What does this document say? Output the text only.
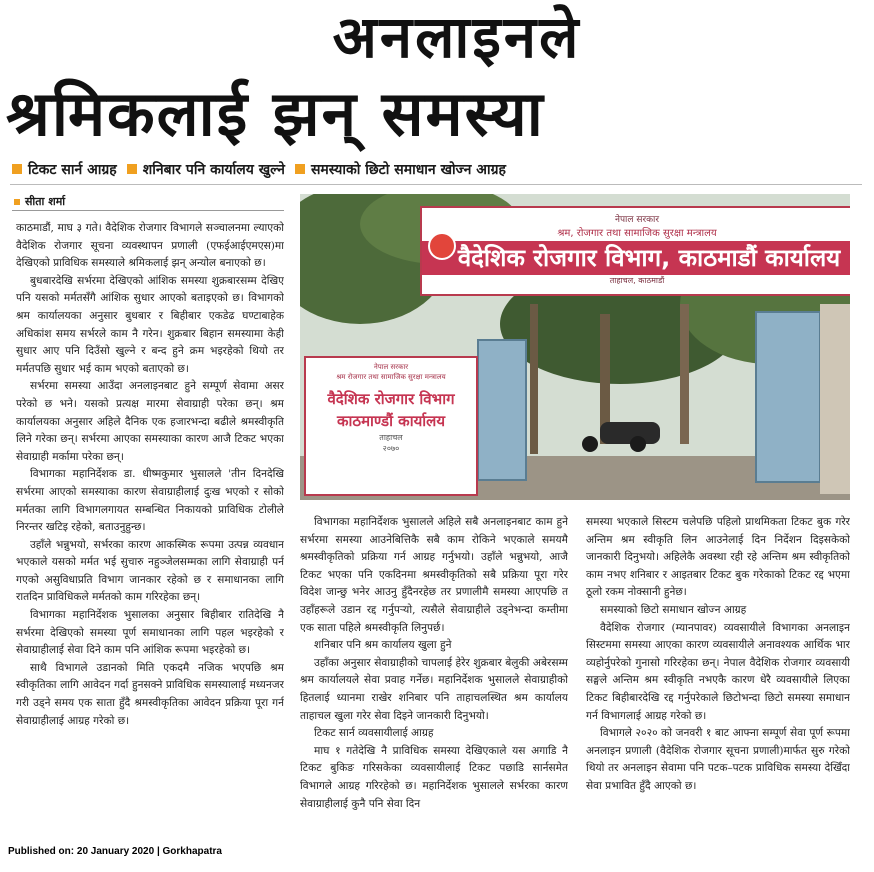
अनलाइनले
श्रमिकलाई झन् समस्या
टिकट सार्न आग्रह	शनिबार पनि कार्यालय खुल्ने	समस्याको छिटो समाधान खोज्न आग्रह
सीता शर्मा

काठमाडौं, माघ ३ गते। वैदेशिक रोजगार विभागले सञ्चालनमा ल्याएको वैदेशिक रोजगार सूचना व्यवस्थापन प्रणाली (एफईआईएमएस)मा देखिएको प्राविधिक समस्याले श्रमिकलाई झन् अन्योल बनाएको छ।

बुधबारदेखि सर्भरमा देखिएको आंशिक समस्या शुक्रबारसम्म देखिए पनि यसको मर्मतसँगै आंशिक सुधार आएको बताइएको छ। विभागको श्रम कार्यालयका अनुसार बुधबार र बिहीबार एकडेढ घण्टाबाहेक अधिकांश समय सर्भरले काम नै गरेन। शुक्रबार बिहान समस्यामा केही सुधार आए पनि दिउँसो खुल्ने र बन्द हुने क्रम भइरहेको थियो तर मर्मतपछि सुधार भई काम भएको बताएको छ।

सर्भरमा समस्या आउँदा अनलाइनबाट हुने सम्पूर्ण सेवामा असर परेको छ भने। यसको प्रत्यक्ष मारमा सेवाग्राही परेका छन्। श्रम कार्यालयका अनुसार अहिले दैनिक एक हजारभन्दा बढीले श्रमस्वीकृति लिने गरेका छन्। सर्भरमा आएका समस्याका कारण आजै टिकट भएका सेवाग्राही मर्कामा परेका छन्।

विभागका महानिर्देशक डा. धीष्मकुमार भुसालले 'तीन दिनदेखि सर्भरमा आएको समस्याका कारण सेवाग्राहीलाई दुःख भएको र सोको मर्मतका लागि विभागलगायत सम्बन्धित निकायको प्राविधिक टोलीले निरन्तर खटिइ रहेको, बताउनुहुन्छ।

उहाँले भन्नुभयो, सर्भरका कारण आकस्मिक रूपमा उत्पन्न व्यवधान भएकाले यसको मर्मत भई सुचारु नहुञ्जेलसम्मका लागि सेवाग्राही पर्न गएको असुविधाप्रति विभाग जानकार रहेको छ र समाधानका लागि रातदिन प्राविधिकले मर्मतको काम गरिरहेका छन्।

विभागका महानिर्देशक भुसालका अनुसार बिहीबार रातिदेखि नै सर्भरमा देखिएको समस्या पूर्ण समाधानका लागि पहल भइरहेको र सेवाग्राहीलाई सेवा दिने काम पनि आंशिक रूपमा भइरहेको छ।

साथै विभागले उडानको मिति एकदमै नजिक भएपछि श्रम स्वीकृतिका लागि आवेदन गर्दा हुनसक्ने प्राविधिक समस्यालाई मध्यनजर गरी उड्ने समय एक साता हुँदै श्रमस्वीकृतिका आवेदन प्रक्रिया पूरा गर्न सेवाग्राहीलाई आग्रह गरेको छ।

नेपाल सरकार
श्रम, रोजगार तथा सामाजिक सुरक्षा मन्त्रालय
वैदेशिक रोजगार विभाग, काठमाडौं कार्यालय
ताहाचल, काठमाडौं
नेपाल सरकार
श्रम रोजगार तथा सामाजिक सुरक्षा मन्त्रालय
वैदेशिक रोजगार विभाग
काठमाण्डौं कार्यालय
ताहाचल
२०७०

विभागका महानिर्देशक भुसालले अहिले सबै अनलाइनबाट काम हुने सर्भरमा समस्या आउनेबित्तिकै सबै काम रोकिने भएकाले समयमै श्रमस्वीकृतिको प्रक्रिया गर्न आग्रह गर्नुभयो। उहाँले भन्नुभयो, आजै टिकट भएका पनि एकदिनमा श्रमस्वीकृतिको सबै प्रक्रिया पूरा गरेर विदेश जान्छु भनेर आउनु हुँदैनरहेछ तर प्रणालीमै समस्या आएपछि त उहाँहरूले उडान रद्द गर्नुपऱ्यो, त्यसैले सेवाग्राहीले उड्नेभन्दा कम्तीमा एक साता पहिले श्रमस्वीकृति लिनुपर्छ।

शनिबार पनि श्रम कार्यालय खुला हुने

उहाँका अनुसार सेवाग्राहीको चापलाई हेरेर शुक्रबार बेलुकी अबेरसम्म श्रम कार्यालयले सेवा प्रवाह गर्नेछ। महानिर्देशक भुसालले सेवाग्राहीको हितलाई ध्यानमा राखेर शनिबार पनि ताहाचलस्थित श्रम कार्यालय ताहाचल खुला गरेर सेवा दिइने जानकारी दिनुभयो।

टिकट सार्न व्यवसायीलाई आग्रह

माघ १ गतेदेखि नै प्राविधिक समस्या देखिएकाले यस अगाडि नै टिकट बुकिङ गरिसकेका व्यवसायीलाई टिकट पछाडि सार्नसमेत विभागले आग्रह गरिरहेको छ। महानिर्देशक भुसालले सर्भरका कारण सेवाग्राहीलाई कुनै पनि सेवा दिन

समस्या भएकाले सिस्टम चलेपछि पहिलो प्राथमिकता टिकट बुक गरेर अन्तिम श्रम स्वीकृति लिन आउनेलाई दिन निर्देशन दिइसकेको जानकारी दिनुभयो। अहिलेकै अवस्था रही रहे अन्तिम श्रम स्वीकृतिको काम नभए शनिबार र आइतबार टिकट बुक गरेकाको टिकट रद्द भएमा ठूलो रकम नोक्सानी हुनेछ।

समस्याको छिटो समाधान खोज्न आग्रह

वैदेशिक रोजगार (म्यानपावर) व्यवसायीले विभागका अनलाइन सिस्टममा समस्या आएका कारण व्यवसायीले अनावश्यक आर्थिक भार व्यहोर्नुपरेको गुनासो गरिरहेका छन्। नेपाल वैदेशिक रोजगार व्यवसायी सङ्घले अन्तिम श्रम स्वीकृति नभएकै कारण धेरै व्यवसायीले लिएका टिकट बिहीबारदेखि रद्द गर्नुपरेकाले छिटोभन्दा छिटो समस्या समाधान गर्न विभागलाई आग्रह गरेको छ।

विभागले २०२० को जनवरी १ बाट आफ्ना सम्पूर्ण सेवा पूर्ण रूपमा अनलाइन प्रणाली (वैदेशिक रोजगार सूचना प्रणाली)मार्फत सुरु गरेको थियो तर अनलाइन सेवामा पनि पटक–पटक प्राविधिक समस्या देखिँदा सेवा प्रभावित हुँदै आएको छ।

Published on: 20 January 2020 | Gorkhapatra
